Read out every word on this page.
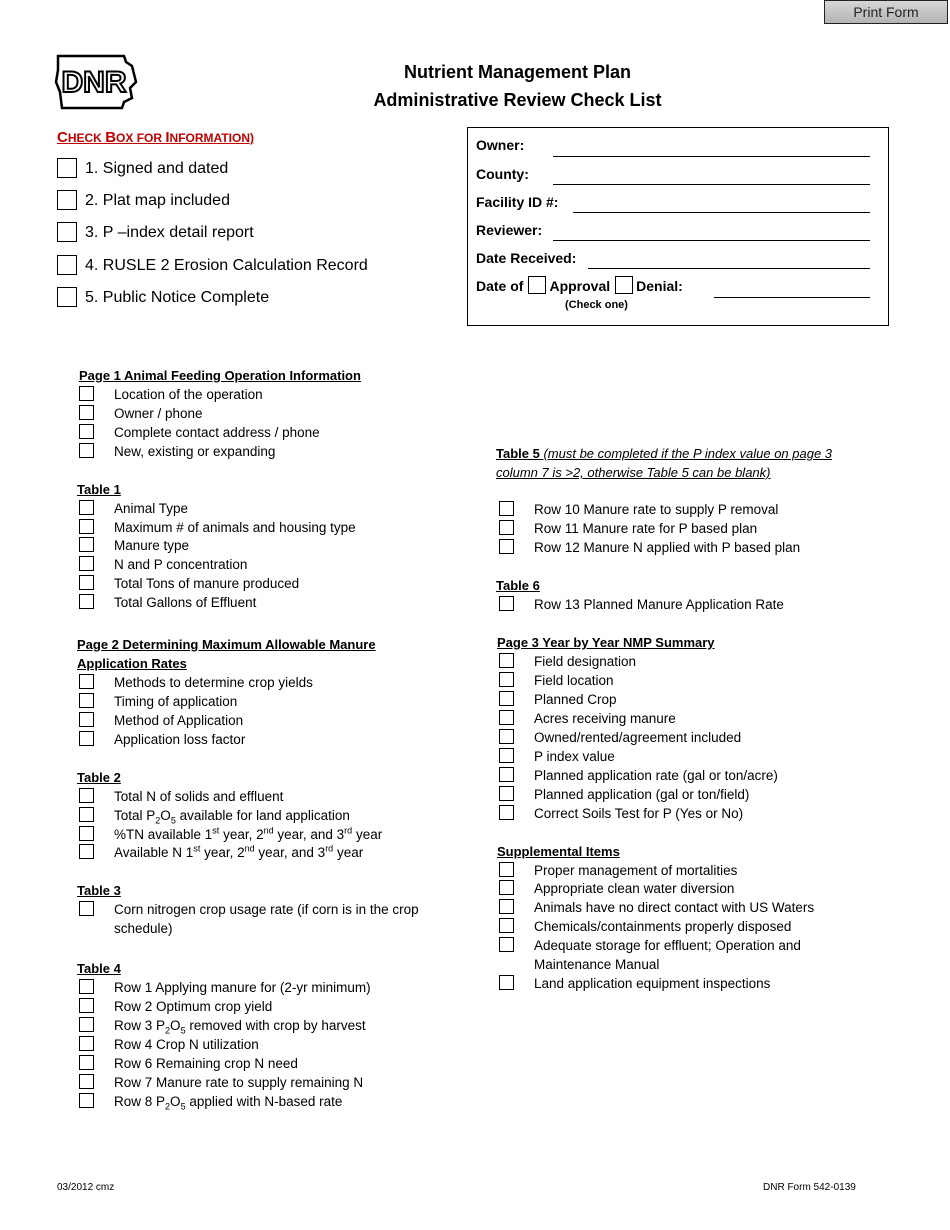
Print Form
DNR	Nutrient Management Plan
Administrative Review Check List
CHECK BOX FOR INFORMATION)
1. Signed and dated
2. Plat map included
3. P –index detail report
4. RUSLE 2 Erosion Calculation Record
5. Public Notice Complete
Owner:
County:
Facility ID #:
Reviewer:
Date Received:
Date of Approval Denial:
(Check one)
Page 1 Animal Feeding Operation Information
Location of the operation
Owner / phone
Complete contact address / phone
New, existing or expanding
Table 1
Animal Type
Maximum # of animals and housing type
Manure type
N and P concentration
Total Tons of manure produced
Total Gallons of Effluent
Page 2 Determining Maximum Allowable Manure
Application Rates
Methods to determine crop yields
Timing of application
Method of Application
Application loss factor
Table 2
Total N of solids and effluent
Total $P_2O_5$ available for land application
%TN available 1st year, 2nd year, and 3rd year
Available N 1st year, 2nd year, and 3rd year
Table 3
Corn nitrogen crop usage rate (if corn is in the crop
schedule)
Table 4
Row 1 Applying manure for (2-yr minimum)
Row 2 Optimum crop yield
Row 3 $P_2O_5$ removed with crop by harvest
Row 4 Crop N utilization
Row 6 Remaining crop N need
Row 7 Manure rate to supply remaining N
Row 8 $P_2O_5$ applied with N-based rate
Table 5 (must be completed if the P index value on page 3
column 7 is >2, otherwise Table 5 can be blank)
Row 10 Manure rate to supply P removal
Row 11 Manure rate for P based plan
Row 12 Manure N applied with P based plan
Table 6
Row 13 Planned Manure Application Rate
Page 3 Year by Year NMP Summary
Field designation
Field location
Planned Crop
Acres receiving manure
Owned/rented/agreement included
P index value
Planned application rate (gal or ton/acre)
Planned application (gal or ton/field)
Correct Soils Test for P (Yes or No)
Supplemental Items
Proper management of mortalities
Appropriate clean water diversion
Animals have no direct contact with US Waters
Chemicals/containments properly disposed
Adequate storage for effluent; Operation and
Maintenance Manual
Land application equipment inspections
03/2012 cmz	DNR Form 542-0139
